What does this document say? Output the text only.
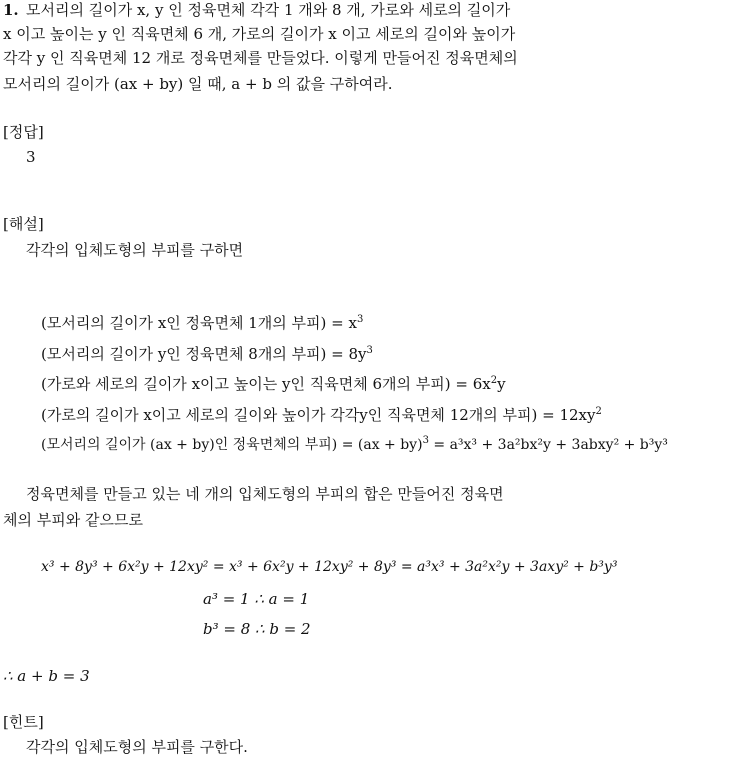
1. 모서리의 길이가 x, y 인 정육면체 각각 1 개와 8 개, 가로와 세로의 길이가
x 이고 높이는 y 인 직육면체 6 개, 가로의 길이가 x 이고 세로의 길이와 높이가
각각 y 인 직육면체 12 개로 정육면체를 만들었다. 이렇게 만들어진 정육면체의
모서리의 길이가 (ax + by) 일 때, a + b 의 값을 구하여라.
[정답]
3
[해설]
각각의 입체도형의 부피를 구하면
(모서리의 길이가 x인 정육면체 1개의 부피) = $x^3$
(모서리의 길이가 y인 정육면체 8개의 부피) = $8y^3$
(가로와 세로의 길이가 x이고 높이는 y인 직육면체 6개의 부피) = $6x^2y$
(가로의 길이가 x이고 세로의 길이와 높이가 각각y인 직육면체 12개의 부피) = $12xy^2$
(모서리의 길이가 (ax + by)인 정육면체의 부피) = (ax + by)$^3$ = a³x³ + 3a²bx²y + 3abxy² + b³y³
정육면체를 만들고 있는 네 개의 입체도형의 부피의 합은 만들어진 정육면
체의 부피와 같으므로
x³ + 8y³ + 6x²y + 12xy² = x³ + 6x²y + 12xy² + 8y³ = a³x³ + 3a²x²y + 3axy² + b³y³
a³ = 1 ∴ a = 1
b³ = 8 ∴ b = 2
∴ a + b = 3
[힌트]
각각의 입체도형의 부피를 구한다.
